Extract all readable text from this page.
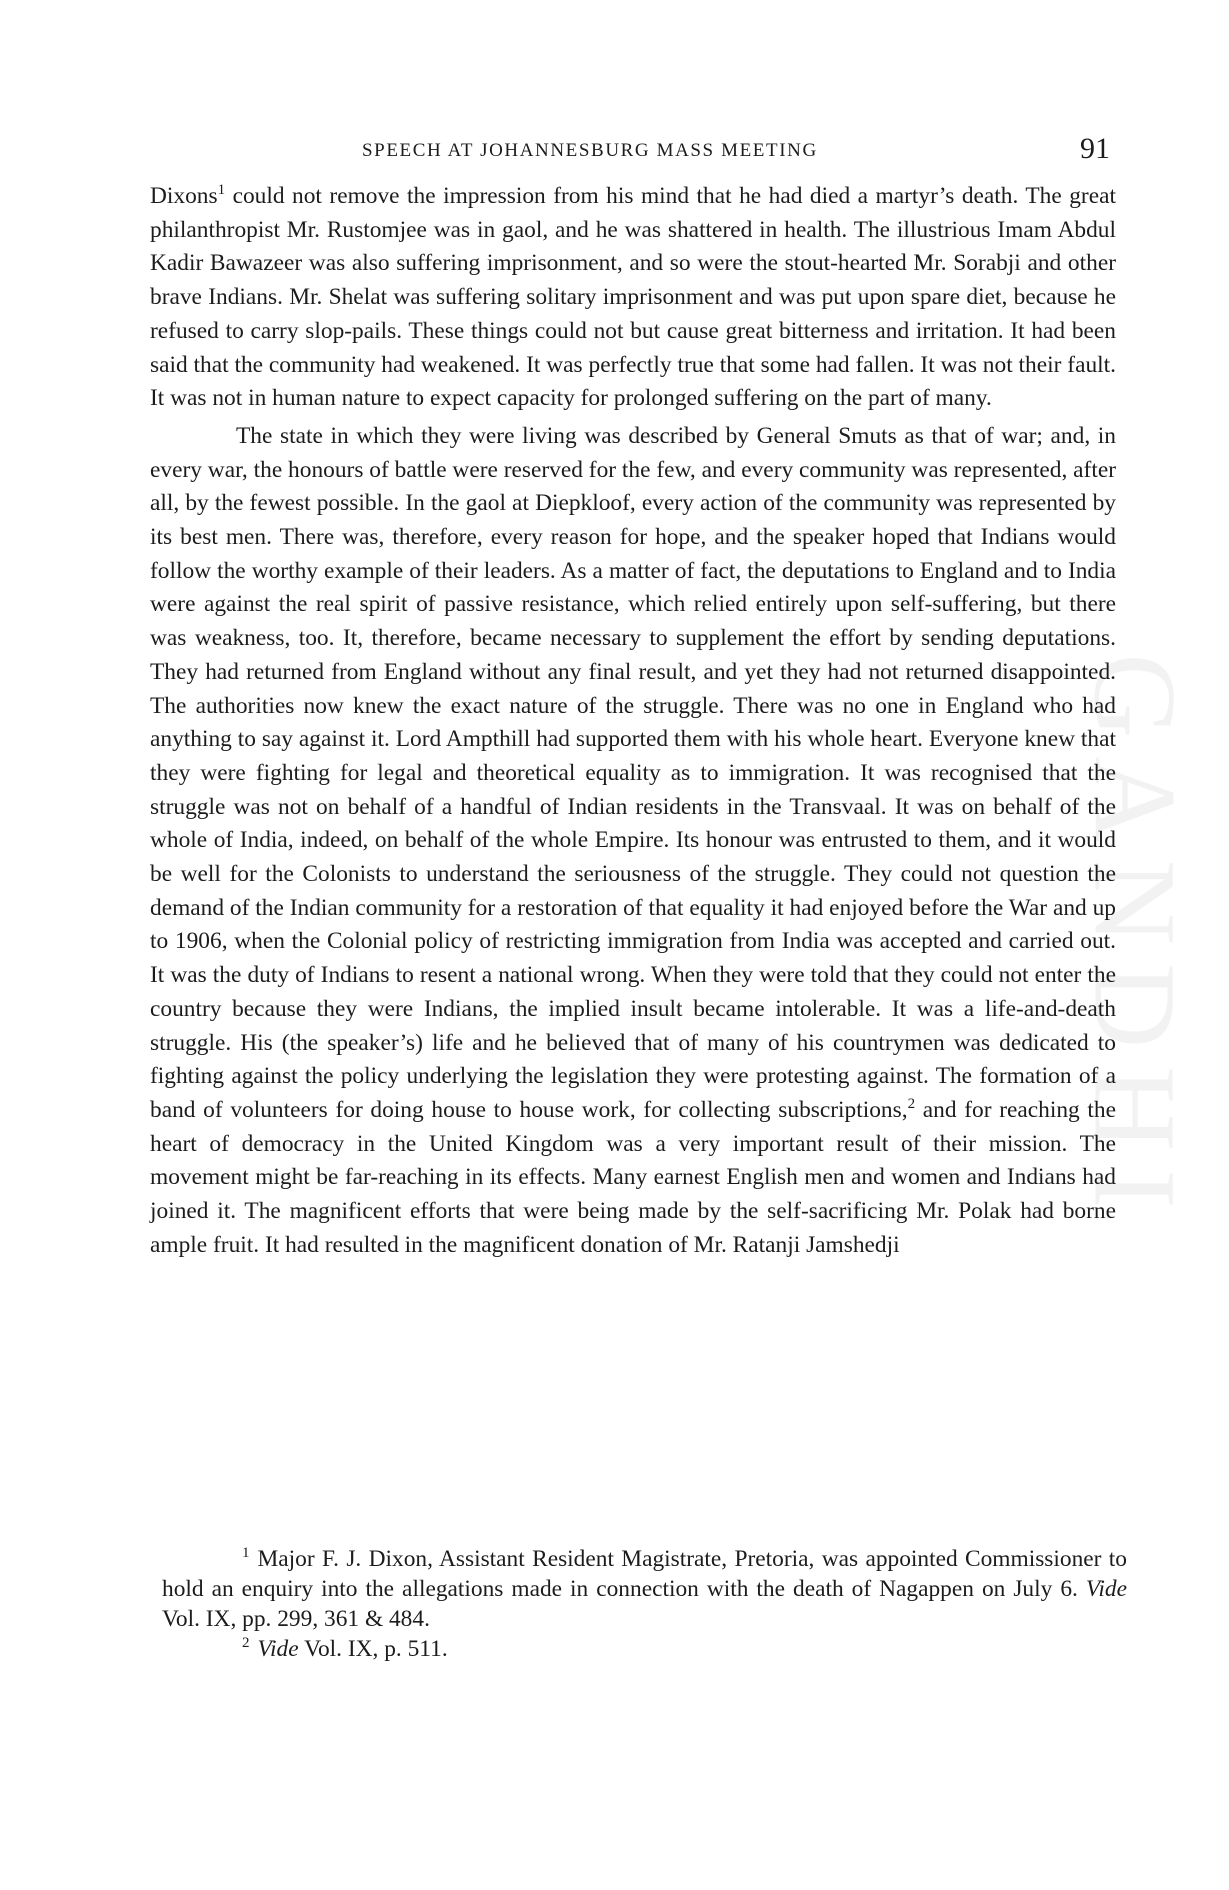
GANDHI
SPEECH AT JOHANNESBURG MASS MEETING	91

Dixons$^1$ could not remove the impression from his mind that he had died a martyr’s death. The great philanthropist Mr. Rustomjee was in gaol, and he was shattered in health. The illustrious Imam Abdul Kadir Bawazeer was also suffering imprisonment, and so were the stout-hearted Mr. Sorabji and other brave Indians. Mr. Shelat was suffering solitary imprisonment and was put upon spare diet, because he refused to carry slop-pails. These things could not but cause great bitterness and irritation. It had been said that the community had weakened. It was perfectly true that some had fallen. It was not their fault. It was not in human nature to expect capacity for prolonged suffering on the part of many.

The state in which they were living was described by General Smuts as that of war; and, in every war, the honours of battle were reserved for the few, and every community was represented, after all, by the fewest possible. In the gaol at Diepkloof, every action of the community was represented by its best men. There was, therefore, every reason for hope, and the speaker hoped that Indians would follow the worthy example of their leaders. As a matter of fact, the deputations to England and to India were against the real spirit of passive resistance, which relied entirely upon self-suffering, but there was weakness, too. It, therefore, became necessary to supplement the effort by sending deputations. They had returned from England without any final result, and yet they had not returned disappointed. The authorities now knew the exact nature of the struggle. There was no one in England who had anything to say against it. Lord Ampthill had supported them with his whole heart. Everyone knew that they were fighting for legal and theoretical equality as to immigration. It was recognised that the struggle was not on behalf of a handful of Indian residents in the Transvaal. It was on behalf of the whole of India, indeed, on behalf of the whole Empire. Its honour was entrusted to them, and it would be well for the Colonists to understand the seriousness of the struggle. They could not question the demand of the Indian community for a restoration of that equality it had enjoyed before the War and up to 1906, when the Colonial policy of restricting immigration from India was accepted and carried out. It was the duty of Indians to resent a national wrong. When they were told that they could not enter the country because they were Indians, the implied insult became intolerable. It was a life-and-death struggle. His (the speaker’s) life and he believed that of many of his countrymen was dedicated to fighting against the policy underlying the legislation they were protesting against. The formation of a band of volunteers for doing house to house work, for collecting subscriptions,$^2$ and for reaching the heart of democracy in the United Kingdom was a very important result of their mission. The movement might be far-reaching in its effects. Many earnest English men and women and Indians had joined it. The magnificent efforts that were being made by the self-sacrificing Mr. Polak had borne ample fruit. It had resulted in the magnificent donation of Mr. Ratanji Jamshedji

$^1$ Major F. J. Dixon, Assistant Resident Magistrate, Pretoria, was appointed Commissioner to hold an enquiry into the allegations made in connection with the death of Nagappen on July 6. Vide Vol. IX, pp. 299, 361 & 484.

$^2$ Vide Vol. IX, p. 511.
